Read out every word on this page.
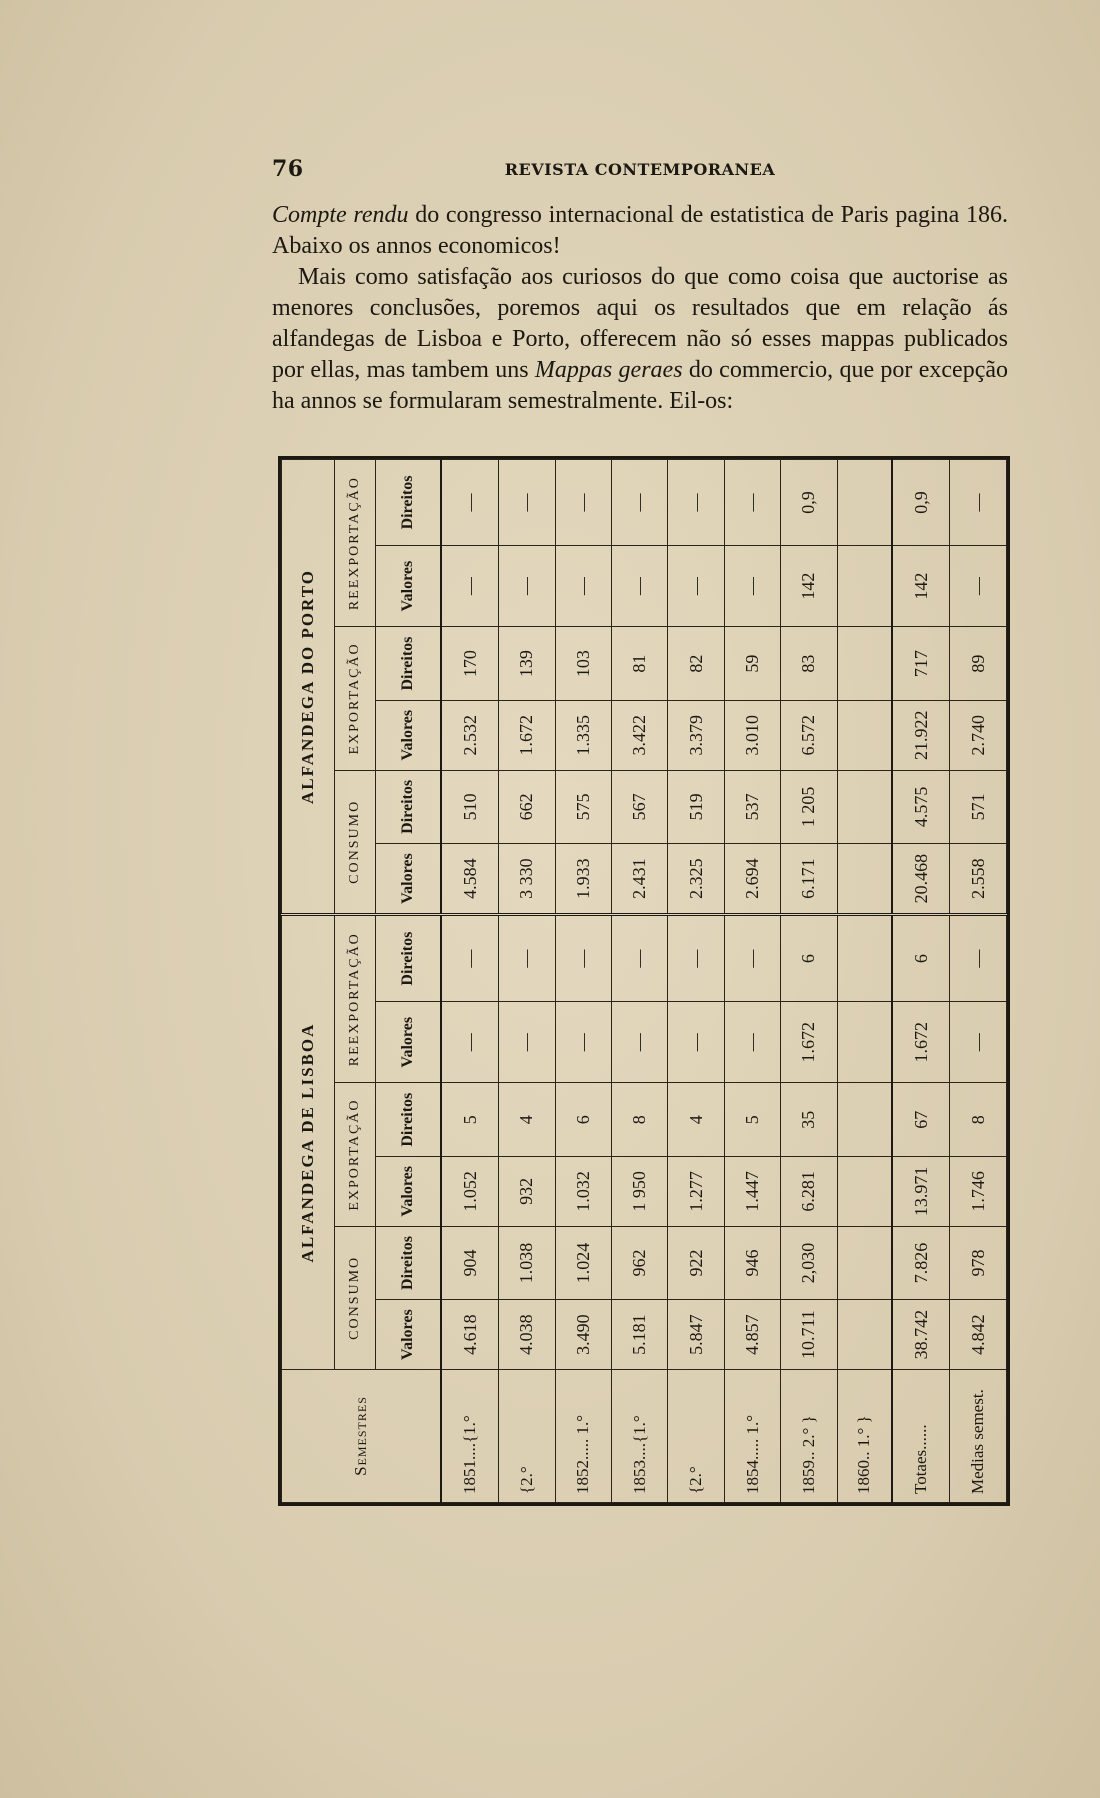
76	REVISTA CONTEMPORANEA

Compte rendu do congresso internacional de estatistica de Paris pagina 186. Abaixo os annos economicos!

Mais como satisfação aos curiosos do que como coisa que auctorise as menores conclusões, poremos aqui os resultados que em relação ás alfandegas de Lisboa e Porto, offerecem não só esses mappas publicados por ellas, mas tambem uns Mappas geraes do commercio, que por excepção ha annos se formularam semestralmente. Eil-os:

Semestres	ALFANDEGA DE LISBOA						ALFANDEGA DO PORTO					
	CONSUMO		EXPORTAÇÃO		REEXPORTAÇÃO		CONSUMO		EXPORTAÇÃO		REEXPORTAÇÃO	
	Valores	Direitos	Valores	Direitos	Valores	Direitos	Valores	Direitos	Valores	Direitos	Valores	Direitos
1851....{1.°	4.618	904	1.052	5	—	—	4.584	510	2.532	170	—	—
{2.°	4.038	1.038	932	4	—	—	3 330	662	1.672	139	—	—
1852..... 1.°	3.490	1.024	1.032	6	—	—	1.933	575	1.335	103	—	—
1853....{1.°	5.181	962	1 950	8	—	—	2.431	567	3.422	81	—	—
{2.°	5.847	922	1.277	4	—	—	2.325	519	3.379	82	—	—
1854..... 1.°	4.857	946	1.447	5	—	—	2.694	537	3.010	59	—	—
1859.. 2.° }	10.711	2,030	6.281	35	1.672	6	6.171	1 205	6.572	83	142	0,9
1860.. 1.° }												
Totaes......	38.742	7.826	13.971	67	1.672	6	20.468	4.575	21.922	717	142	0,9
Medias semest.	4.842	978	1.746	8	—	—	2.558	571	2.740	89	—	—
